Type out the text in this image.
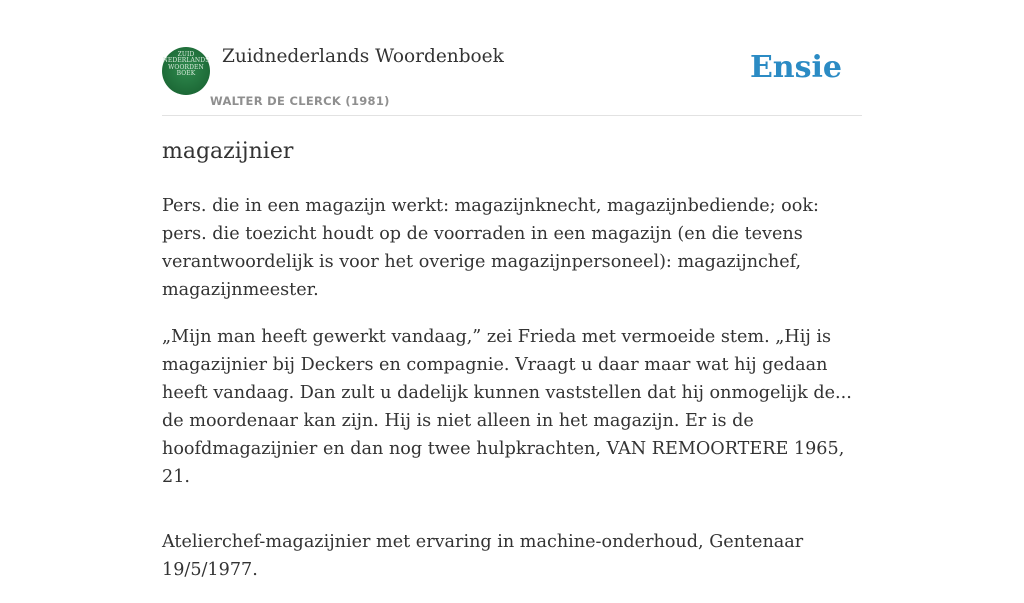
ZUID NEDERLANDS WOORDEN BOEK
Zuidnederlands Woordenboek
WALTER DE CLERCK (1981)
Ensie
magazijnier

Pers. die in een magazijn werkt: magazijnknecht, magazijnbediende; ook: pers. die toezicht houdt op de voorraden in een magazijn (en die tevens verantwoordelijk is voor het overige magazijnpersoneel): magazijnchef, magazijnmeester.

„Mijn man heeft gewerkt vandaag,” zei Frieda met vermoeide stem. „Hij is magazijnier bij Deckers en compagnie. Vraagt u daar maar wat hij gedaan heeft vandaag. Dan zult u dadelijk kunnen vaststellen dat hij onmogelijk de... de moordenaar kan zijn. Hij is niet alleen in het magazijn. Er is de hoofdmagazijnier en dan nog twee hulpkrachten, VAN REMOORTERE 1965, 21.

Atelierchef-magazijnier met ervaring in machine-onderhoud, Gentenaar 19/5/1977.
